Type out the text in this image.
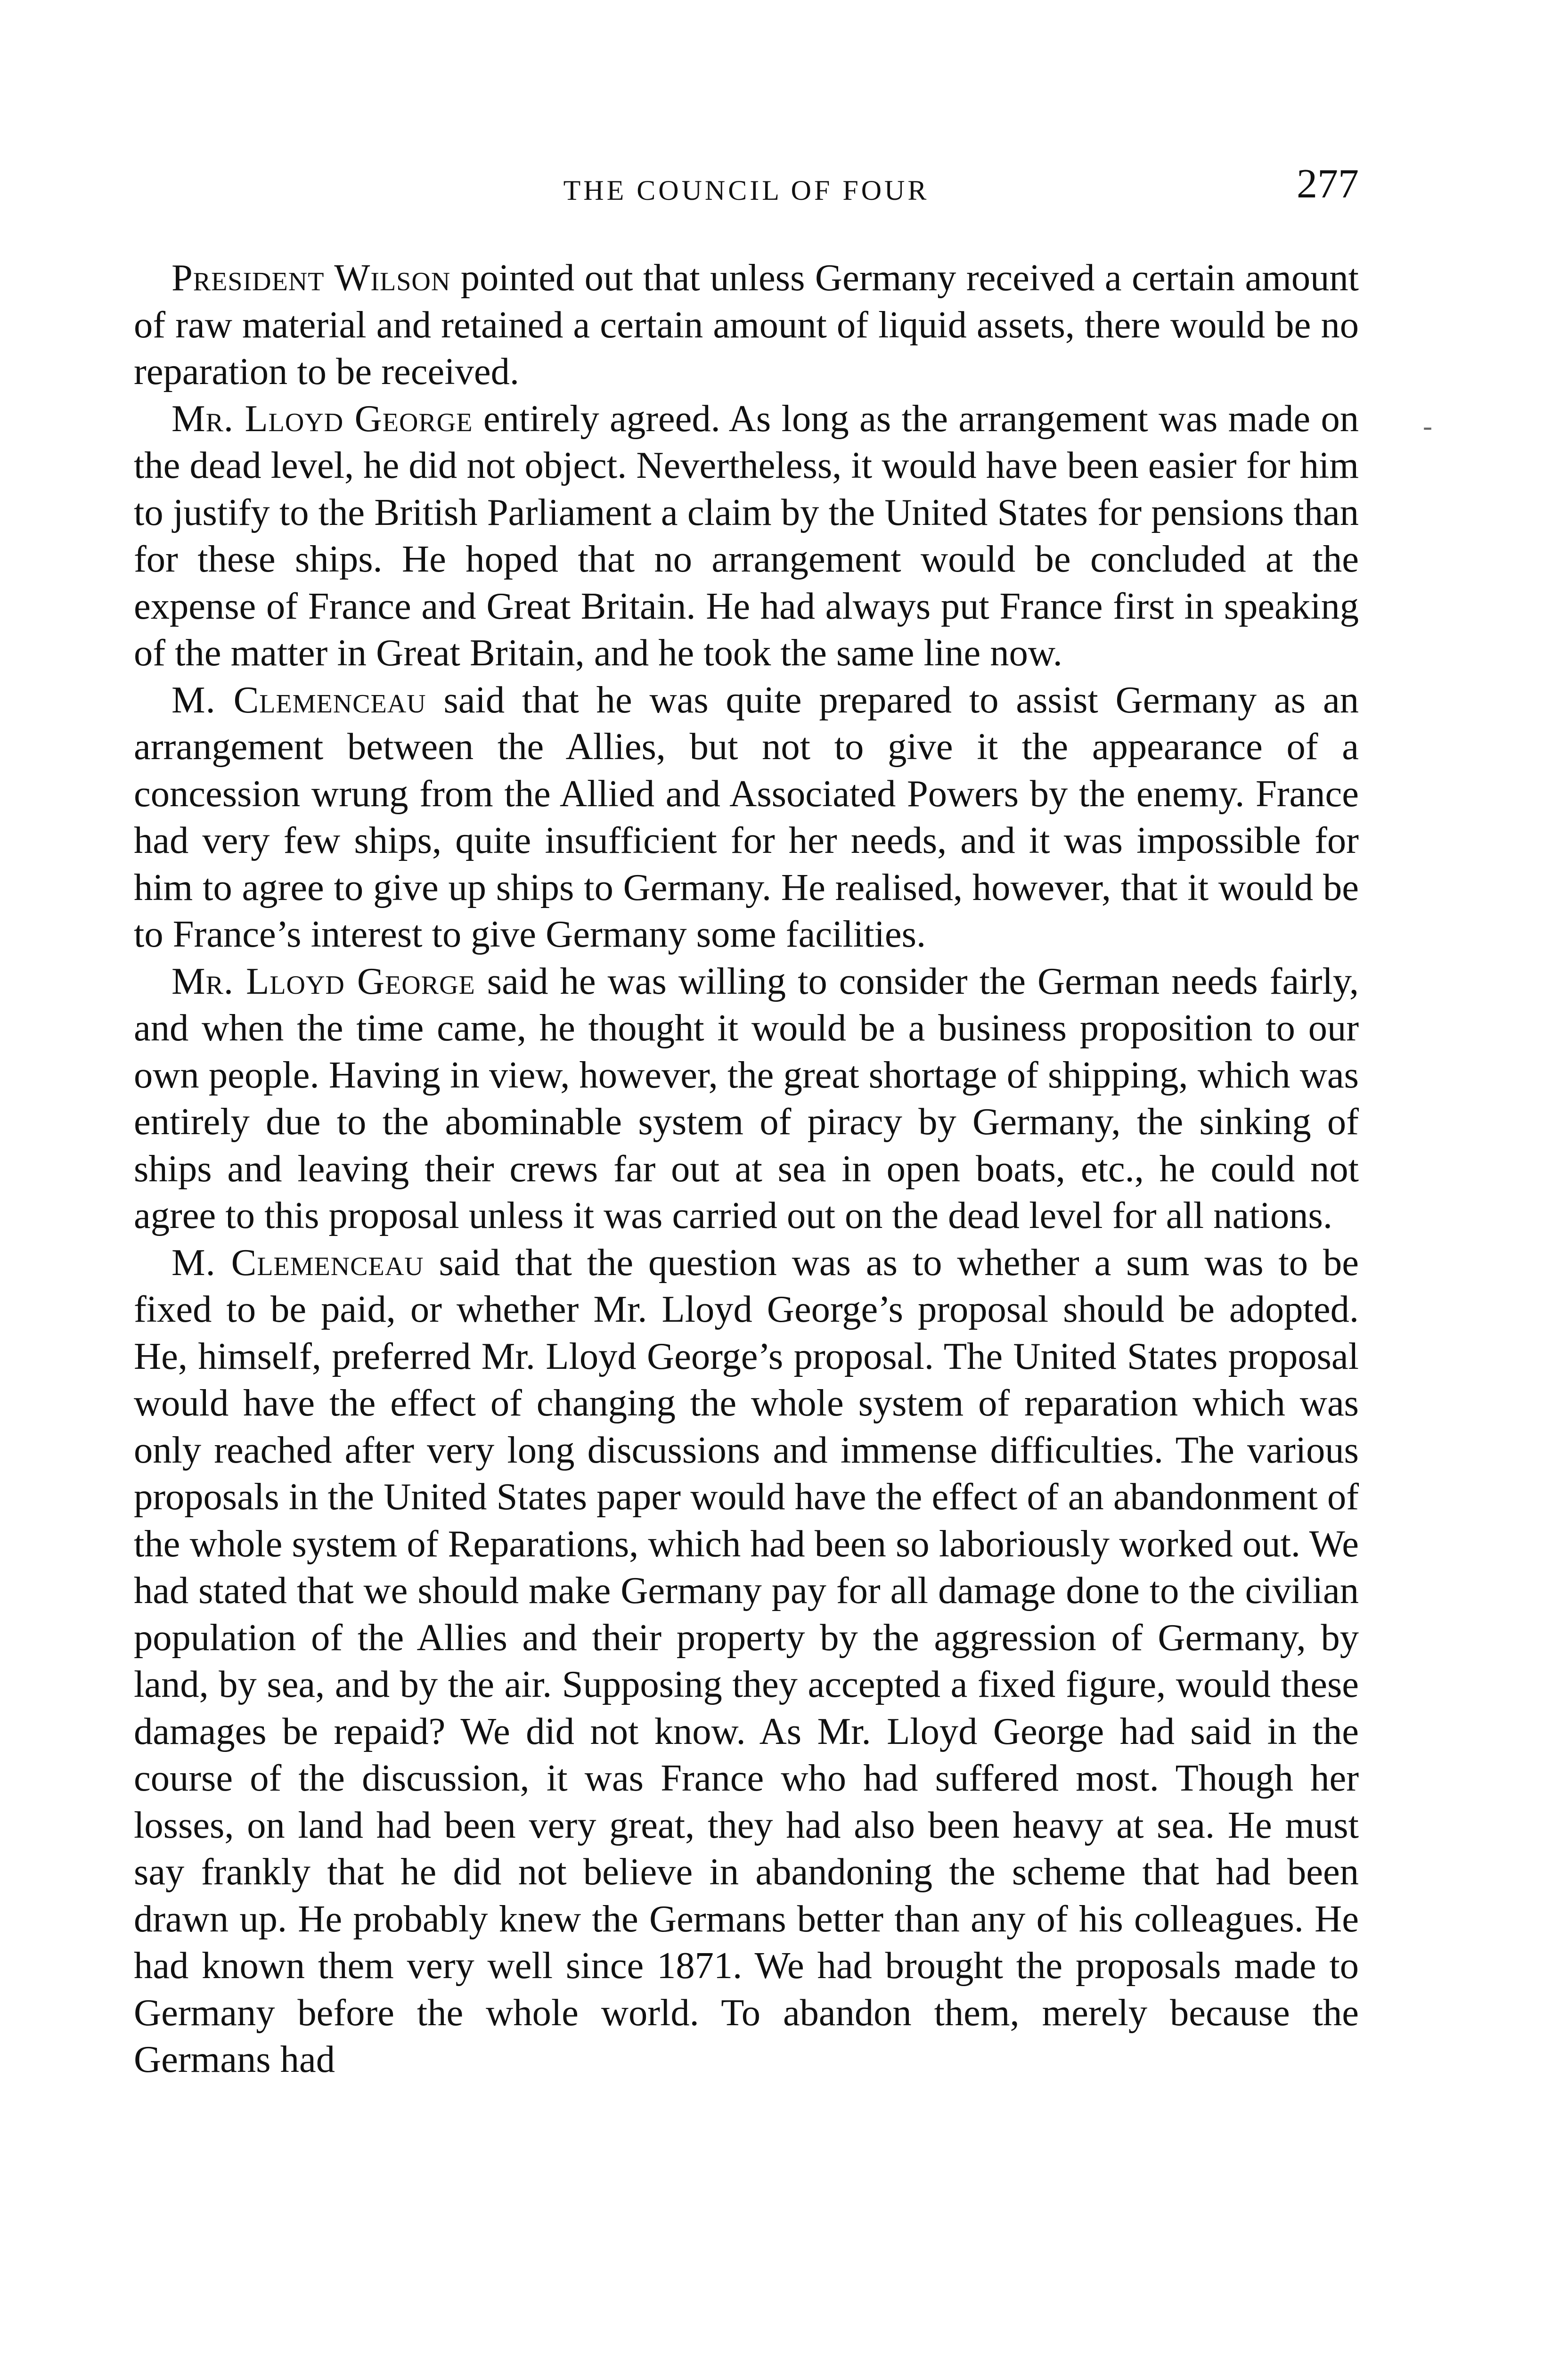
THE COUNCIL OF FOUR	277
-

President Wilson pointed out that unless Germany received a certain amount of raw material and retained a certain amount of liquid assets, there would be no reparation to be received.

Mr. Lloyd George entirely agreed. As long as the arrangement was made on the dead level, he did not object. Nevertheless, it would have been easier for him to justify to the British Parliament a claim by the United States for pensions than for these ships. He hoped that no arrangement would be concluded at the expense of France and Great Britain. He had always put France first in speaking of the matter in Great Britain, and he took the same line now.

M. Clemenceau said that he was quite prepared to assist Germany as an arrangement between the Allies, but not to give it the appearance of a concession wrung from the Allied and Associated Powers by the enemy. France had very few ships, quite insufficient for her needs, and it was impossible for him to agree to give up ships to Germany. He realised, however, that it would be to France’s interest to give Germany some facilities.

Mr. Lloyd George said he was willing to consider the German needs fairly, and when the time came, he thought it would be a business proposition to our own people. Having in view, however, the great shortage of shipping, which was entirely due to the abominable system of piracy by Germany, the sinking of ships and leaving their crews far out at sea in open boats, etc., he could not agree to this proposal unless it was carried out on the dead level for all nations.

M. Clemenceau said that the question was as to whether a sum was to be fixed to be paid, or whether Mr. Lloyd George’s proposal should be adopted. He, himself, preferred Mr. Lloyd George’s proposal. The United States proposal would have the effect of changing the whole system of reparation which was only reached after very long discussions and immense difficulties. The various proposals in the United States paper would have the effect of an abandonment of the whole system of Reparations, which had been so laboriously worked out. We had stated that we should make Germany pay for all damage done to the civilian population of the Allies and their property by the aggression of Germany, by land, by sea, and by the air. Supposing they accepted a fixed figure, would these damages be repaid? We did not know. As Mr. Lloyd George had said in the course of the discussion, it was France who had suffered most. Though her losses, on land had been very great, they had also been heavy at sea. He must say frankly that he did not believe in abandoning the scheme that had been drawn up. He probably knew the Germans better than any of his colleagues. He had known them very well since 1871. We had brought the proposals made to Germany before the whole world. To abandon them, merely because the Germans had
